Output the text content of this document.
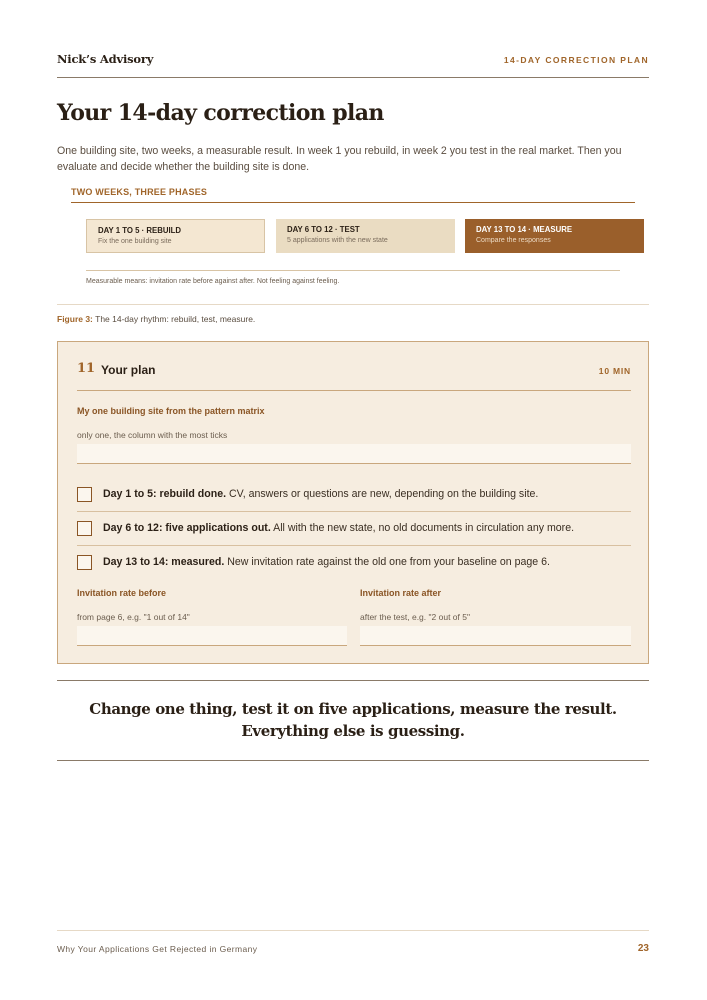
Nick’s Advisory	14-DAY CORRECTION PLAN
Your 14-day correction plan

One building site, two weeks, a measurable result. In week 1 you rebuild, in week 2 you test in the real market. Then you evaluate and decide whether the building site is done.

TWO WEEKS, THREE PHASES
DAY 1 TO 5 · REBUILD
Fix the one building site
DAY 6 TO 12 · TEST
5 applications with the new state
DAY 13 TO 14 · MEASURE
Compare the responses
Measurable means: invitation rate before against after. Not feeling against feeling.
Figure 3: The 14-day rhythm: rebuild, test, measure.
11 Your plan	10 MIN
My one building site from the pattern matrix
only one, the column with the most ticks
Day 1 to 5: rebuild done. CV, answers or questions are new, depending on the building site.
Day 6 to 12: five applications out. All with the new state, no old documents in circulation any more.
Day 13 to 14: measured. New invitation rate against the old one from your baseline on page 6.
Invitation rate before
from page 6, e.g. "1 out of 14"
Invitation rate after
after the test, e.g. "2 out of 5"
Change one thing, test it on five applications, measure the result.
Everything else is guessing.
Why Your Applications Get Rejected in Germany	23
